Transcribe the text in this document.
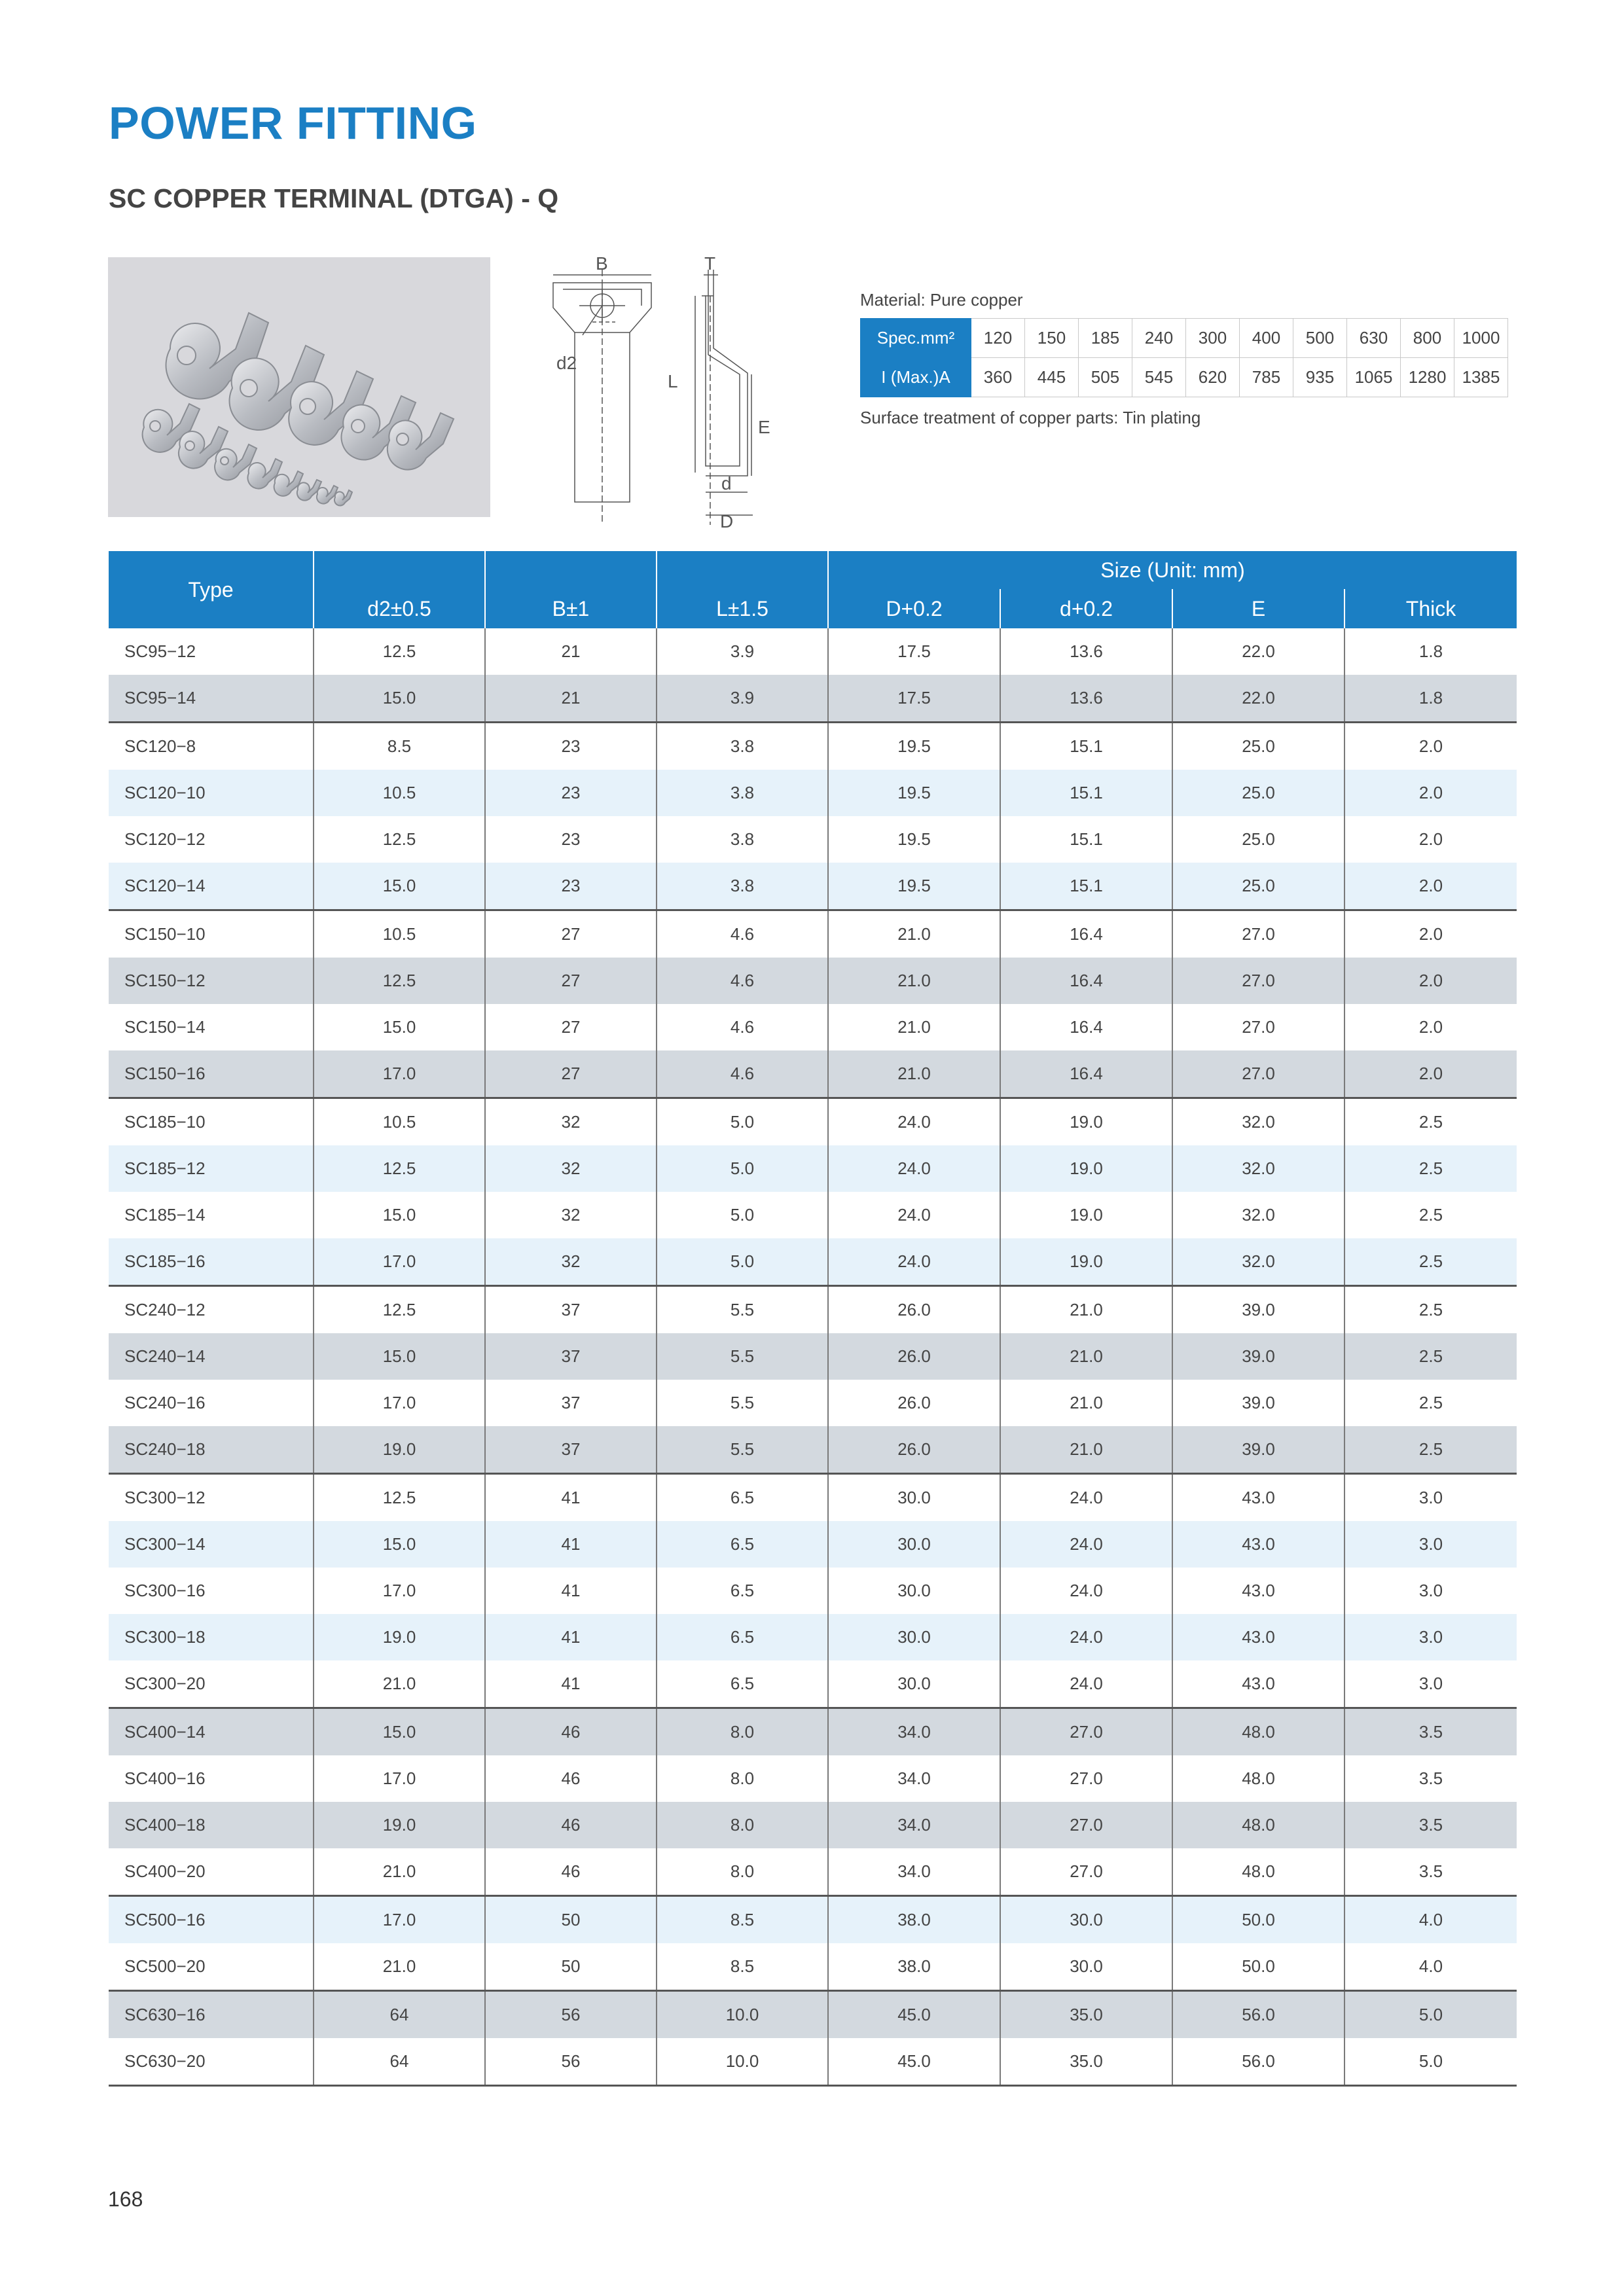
POWER FITTING
SC COPPER TERMINAL (DTGA) - Q
B
d2
T
L
E
d
D
Material: Pure copper
Spec.mm²	120	150	185	240	300	400	500	630	800	1000
I (Max.)A	360	445	505	545	620	785	935	1065	1280	1385
Surface treatment of copper parts: Tin plating
Type				Size (Unit: mm)			
	d2±0.5	B±1	L±1.5	D+0.2	d+0.2	E	Thick
SC95−12	12.5	21	3.9	17.5	13.6	22.0	1.8
SC95−14	15.0	21	3.9	17.5	13.6	22.0	1.8
SC120−8	8.5	23	3.8	19.5	15.1	25.0	2.0
SC120−10	10.5	23	3.8	19.5	15.1	25.0	2.0
SC120−12	12.5	23	3.8	19.5	15.1	25.0	2.0
SC120−14	15.0	23	3.8	19.5	15.1	25.0	2.0
SC150−10	10.5	27	4.6	21.0	16.4	27.0	2.0
SC150−12	12.5	27	4.6	21.0	16.4	27.0	2.0
SC150−14	15.0	27	4.6	21.0	16.4	27.0	2.0
SC150−16	17.0	27	4.6	21.0	16.4	27.0	2.0
SC185−10	10.5	32	5.0	24.0	19.0	32.0	2.5
SC185−12	12.5	32	5.0	24.0	19.0	32.0	2.5
SC185−14	15.0	32	5.0	24.0	19.0	32.0	2.5
SC185−16	17.0	32	5.0	24.0	19.0	32.0	2.5
SC240−12	12.5	37	5.5	26.0	21.0	39.0	2.5
SC240−14	15.0	37	5.5	26.0	21.0	39.0	2.5
SC240−16	17.0	37	5.5	26.0	21.0	39.0	2.5
SC240−18	19.0	37	5.5	26.0	21.0	39.0	2.5
SC300−12	12.5	41	6.5	30.0	24.0	43.0	3.0
SC300−14	15.0	41	6.5	30.0	24.0	43.0	3.0
SC300−16	17.0	41	6.5	30.0	24.0	43.0	3.0
SC300−18	19.0	41	6.5	30.0	24.0	43.0	3.0
SC300−20	21.0	41	6.5	30.0	24.0	43.0	3.0
SC400−14	15.0	46	8.0	34.0	27.0	48.0	3.5
SC400−16	17.0	46	8.0	34.0	27.0	48.0	3.5
SC400−18	19.0	46	8.0	34.0	27.0	48.0	3.5
SC400−20	21.0	46	8.0	34.0	27.0	48.0	3.5
SC500−16	17.0	50	8.5	38.0	30.0	50.0	4.0
SC500−20	21.0	50	8.5	38.0	30.0	50.0	4.0
SC630−16	64	56	10.0	45.0	35.0	56.0	5.0
SC630−20	64	56	10.0	45.0	35.0	56.0	5.0
168
